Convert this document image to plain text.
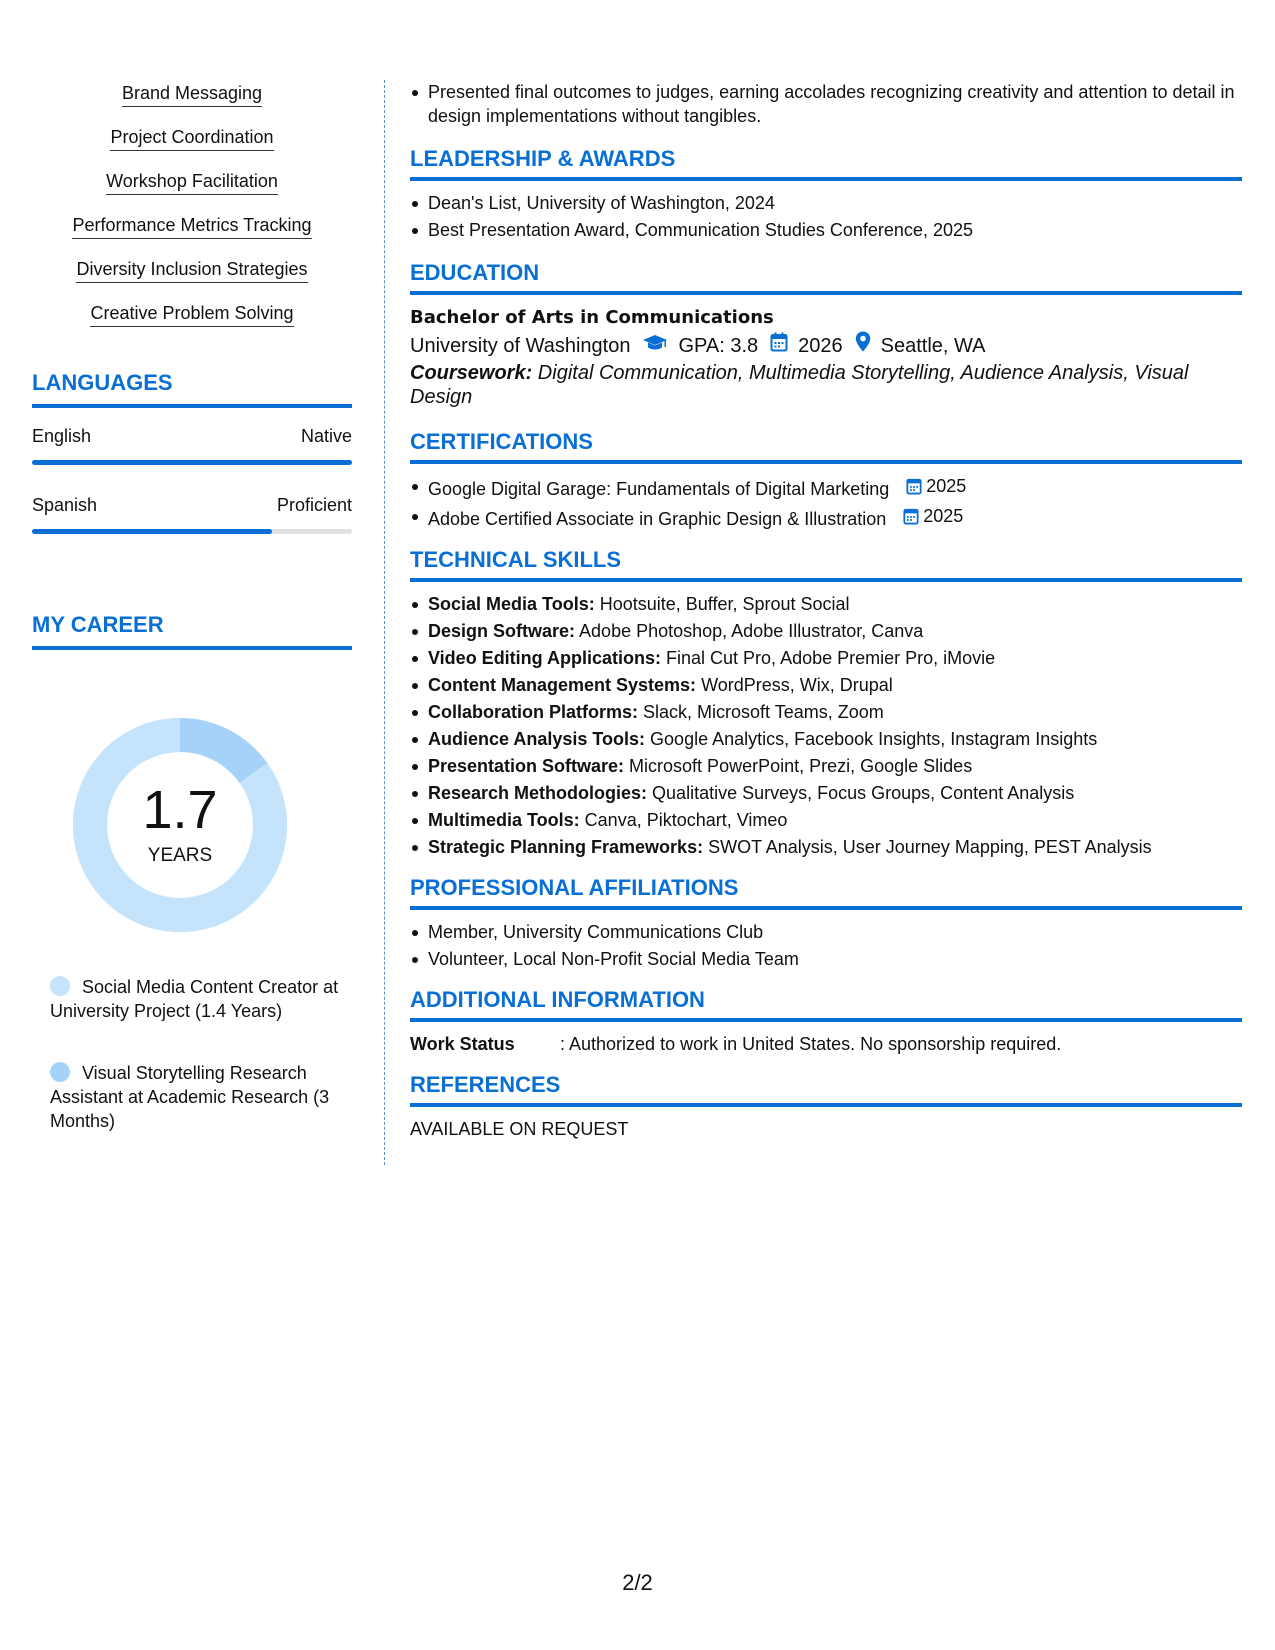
Brand Messaging
Project Coordination
Workshop Facilitation
Performance Metrics Tracking
Diversity Inclusion Strategies
Creative Problem Solving
LANGUAGES
English	Native
Spanish	Proficient
MY CAREER
1.7
YEARS
Social Media Content Creator at University Project (1.4 Years)
Visual Storytelling Research Assistant at Academic Research (3 Months)
Presented final outcomes to judges, earning accolades recognizing creativity and attention to detail in design implementations without tangibles.
LEADERSHIP & AWARDS
Dean's List, University of Washington, 2024
Best Presentation Award, Communication Studies Conference, 2025
EDUCATION
Bachelor of Arts in Communications
University of Washington GPA: 3.8 2026 Seattle, WA
Coursework: Digital Communication, Multimedia Storytelling, Audience Analysis, Visual Design
CERTIFICATIONS
Google Digital Garage: Fundamentals of Digital Marketing 2025
Adobe Certified Associate in Graphic Design & Illustration 2025
TECHNICAL SKILLS
Social Media Tools: Hootsuite, Buffer, Sprout Social
Design Software: Adobe Photoshop, Adobe Illustrator, Canva
Video Editing Applications: Final Cut Pro, Adobe Premier Pro, iMovie
Content Management Systems: WordPress, Wix, Drupal
Collaboration Platforms: Slack, Microsoft Teams, Zoom
Audience Analysis Tools: Google Analytics, Facebook Insights, Instagram Insights
Presentation Software: Microsoft PowerPoint, Prezi, Google Slides
Research Methodologies: Qualitative Surveys, Focus Groups, Content Analysis
Multimedia Tools: Canva, Piktochart, Vimeo
Strategic Planning Frameworks: SWOT Analysis, User Journey Mapping, PEST Analysis
PROFESSIONAL AFFILIATIONS
Member, University Communications Club
Volunteer, Local Non-Profit Social Media Team
ADDITIONAL INFORMATION
Work Status	: Authorized to work in United States. No sponsorship required.
REFERENCES
AVAILABLE ON REQUEST
2/2
